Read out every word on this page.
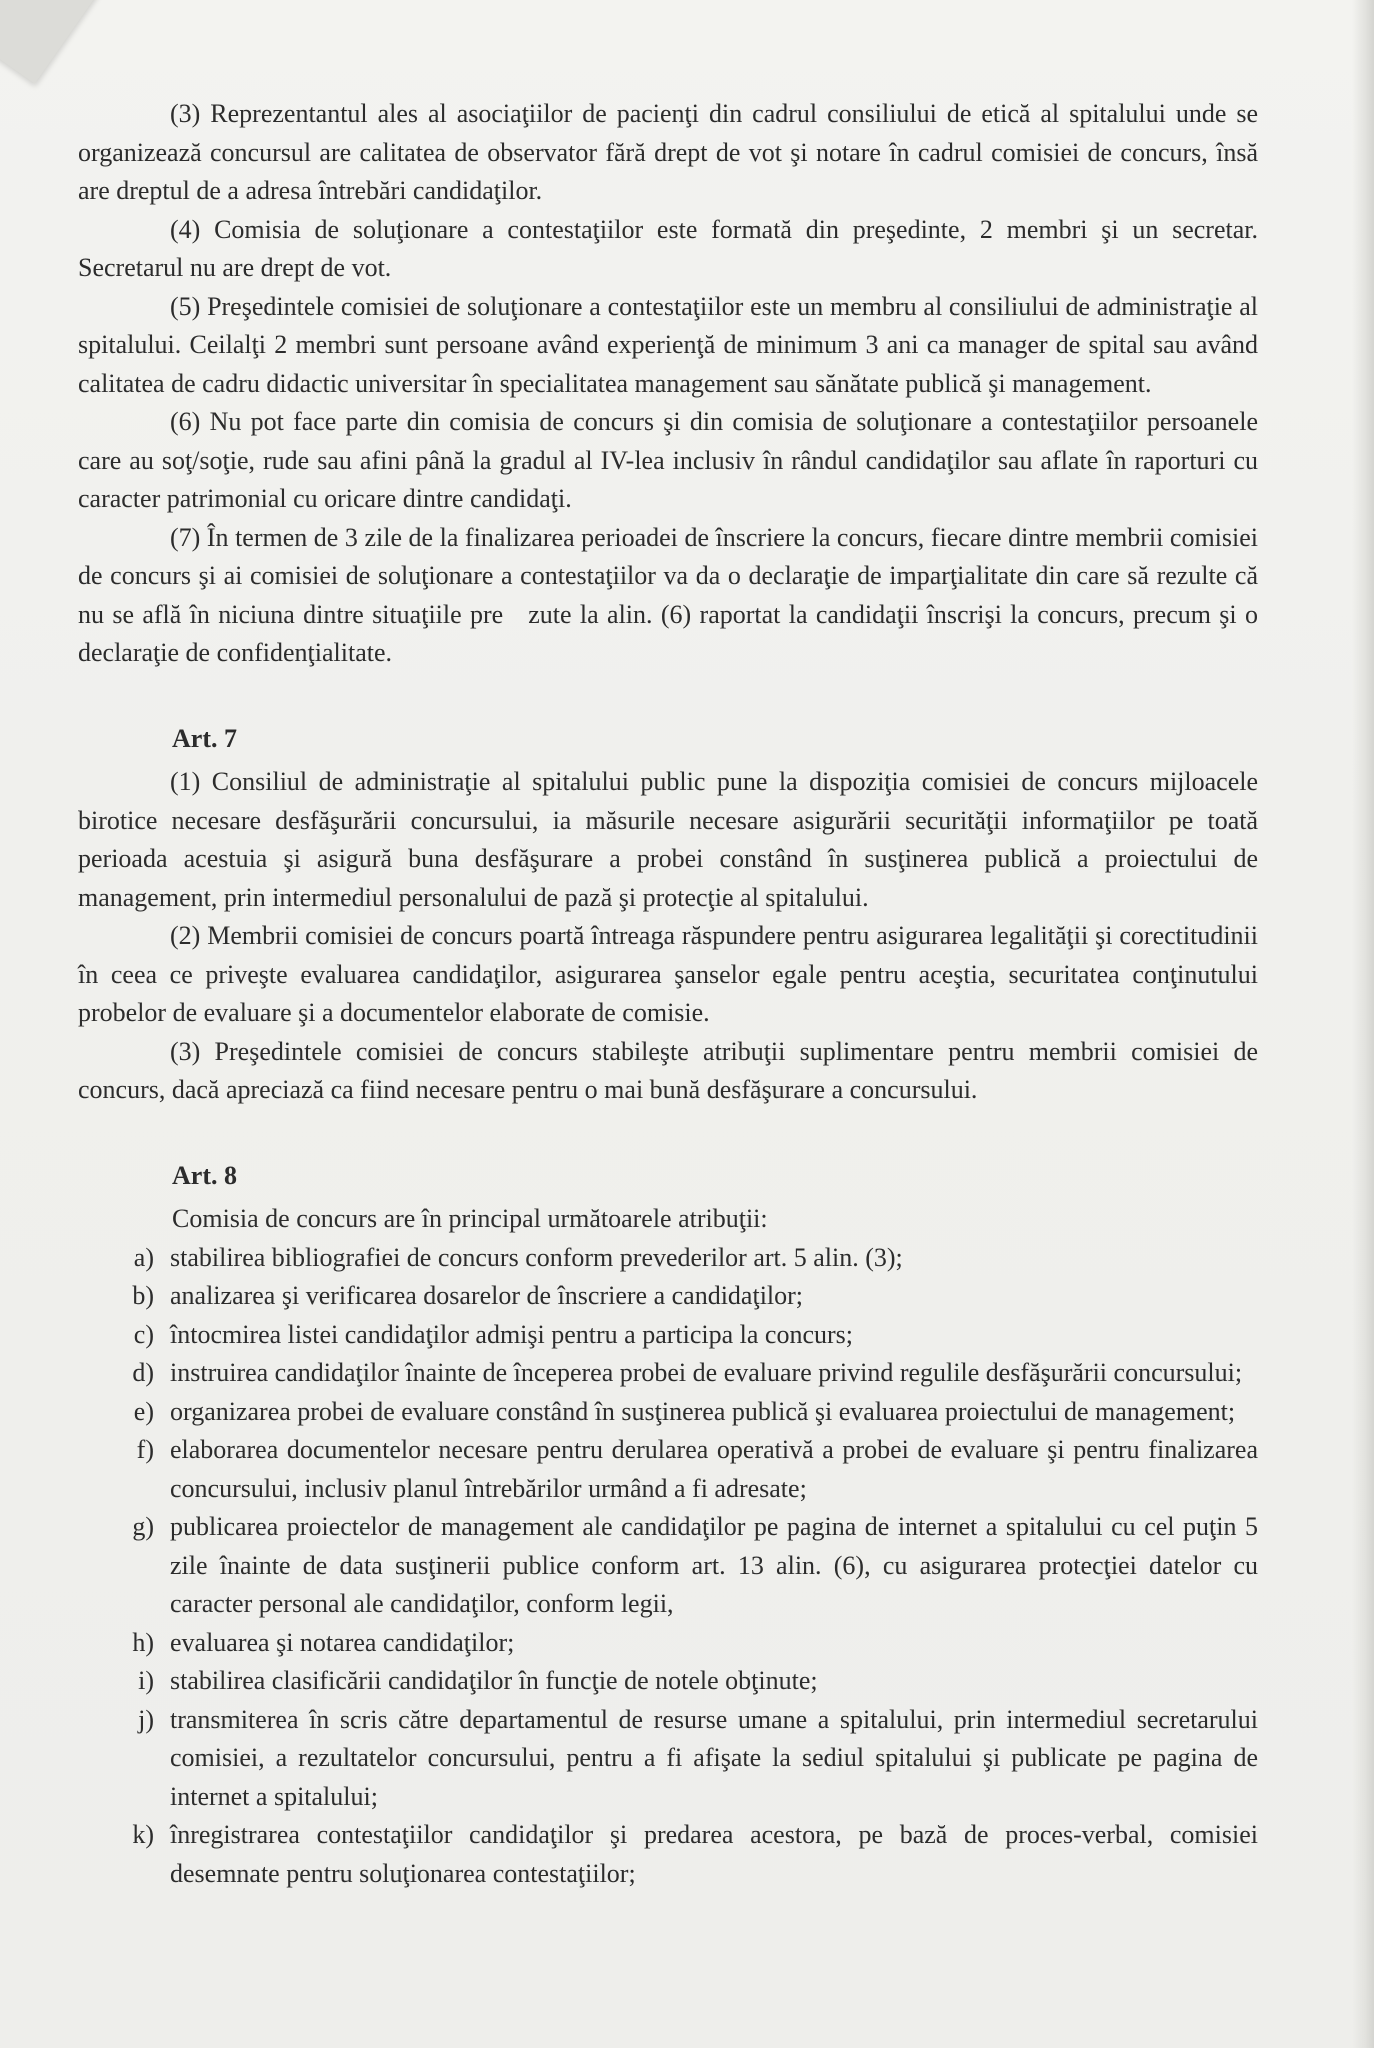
(3) Reprezentantul ales al asociaţiilor de pacienţi din cadrul consiliului de etică al spitalului unde se organizează concursul are calitatea de observator fără drept de vot şi notare în cadrul comisiei de concurs, însă are dreptul de a adresa întrebări candidaţilor.

(4) Comisia de soluţionare a contestaţiilor este formată din preşedinte, 2 membri şi un secretar. Secretarul nu are drept de vot.

(5) Preşedintele comisiei de soluţionare a contestaţiilor este un membru al consiliului de administraţie al spitalului. Ceilalţi 2 membri sunt persoane având experienţă de minimum 3 ani ca manager de spital sau având calitatea de cadru didactic universitar în specialitatea management sau sănătate publică şi management.

(6) Nu pot face parte din comisia de concurs şi din comisia de soluţionare a contestaţiilor persoanele care au soţ/soţie, rude sau afini până la gradul al IV-lea inclusiv în rândul candidaţilor sau aflate în raporturi cu caracter patrimonial cu oricare dintre candidaţi.

(7) În termen de 3 zile de la finalizarea perioadei de înscriere la concurs, fiecare dintre membrii comisiei de concurs şi ai comisiei de soluţionare a contestaţiilor va da o declaraţie de imparţialitate din care să rezulte că nu se află în niciuna dintre situaţiile pre   zute la alin. (6) raportat la candidaţii înscrişi la concurs, precum şi o declaraţie de confidenţialitate.

Art. 7

(1) Consiliul de administraţie al spitalului public pune la dispoziţia comisiei de concurs mijloacele birotice necesare desfăşurării concursului, ia măsurile necesare asigurării securităţii informaţiilor pe toată perioada acestuia şi asigură buna desfăşurare a probei constând în susţinerea publică a proiectului de management, prin intermediul personalului de pază şi protecţie al spitalului.

(2) Membrii comisiei de concurs poartă întreaga răspundere pentru asigurarea legalităţii şi corectitudinii în ceea ce priveşte evaluarea candidaţilor, asigurarea şanselor egale pentru aceştia, securitatea conţinutului probelor de evaluare şi a documentelor elaborate de comisie.

(3) Preşedintele comisiei de concurs stabileşte atribuţii suplimentare pentru membrii comisiei de concurs, dacă apreciază ca fiind necesare pentru o mai bună desfăşurare a concursului.

Art. 8
Comisia de concurs are în principal următoarele atribuţii:
a) stabilirea bibliografiei de concurs conform prevederilor art. 5 alin. (3);
b) analizarea şi verificarea dosarelor de înscriere a candidaţilor;
c) întocmirea listei candidaţilor admişi pentru a participa la concurs;
d) instruirea candidaţilor înainte de începerea probei de evaluare privind regulile desfăşurării concursului;
e) organizarea probei de evaluare constând în susţinerea publică şi evaluarea proiectului de management;
f) elaborarea documentelor necesare pentru derularea operativă a probei de evaluare şi pentru finalizarea concursului, inclusiv planul întrebărilor urmând a fi adresate;
g) publicarea proiectelor de management ale candidaţilor pe pagina de internet a spitalului cu cel puţin 5 zile înainte de data susţinerii publice conform art. 13 alin. (6), cu asigurarea protecţiei datelor cu caracter personal ale candidaţilor, conform legii,
h) evaluarea şi notarea candidaţilor;
i) stabilirea clasificării candidaţilor în funcţie de notele obţinute;
j) transmiterea în scris către departamentul de resurse umane a spitalului, prin intermediul secretarului comisiei, a rezultatelor concursului, pentru a fi afişate la sediul spitalului şi publicate pe pagina de internet a spitalului;
k) înregistrarea contestaţiilor candidaţilor şi predarea acestora, pe bază de proces-verbal, comisiei desemnate pentru soluţionarea contestaţiilor;
